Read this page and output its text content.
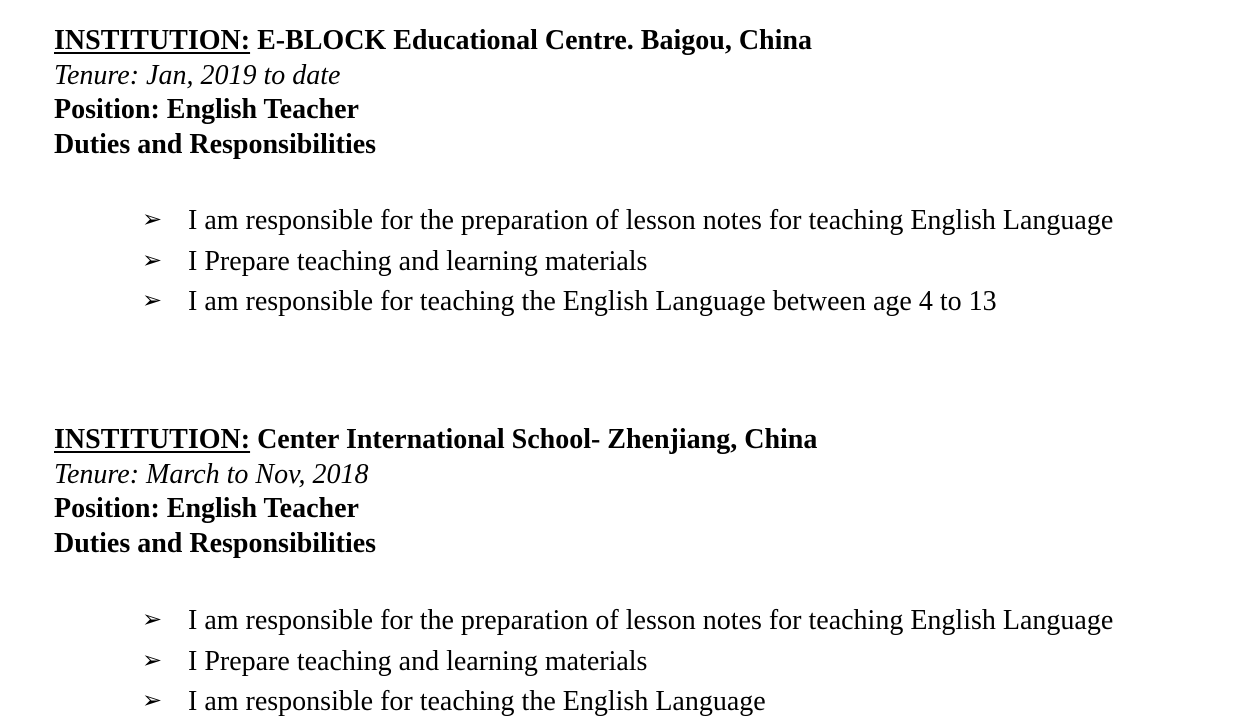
INSTITUTION: E-BLOCK Educational Centre. Baigou, China
Tenure: Jan, 2019 to date
Position: English Teacher
Duties and Responsibilities
➢ I am responsible for the preparation of lesson notes for teaching English Language
➢ I Prepare teaching and learning materials
➢ I am responsible for teaching the English Language between age 4 to 13
INSTITUTION: Center International School- Zhenjiang, China
Tenure: March to Nov, 2018
Position: English Teacher
Duties and Responsibilities
➢ I am responsible for the preparation of lesson notes for teaching English Language
➢ I Prepare teaching and learning materials
➢ I am responsible for teaching the English Language
